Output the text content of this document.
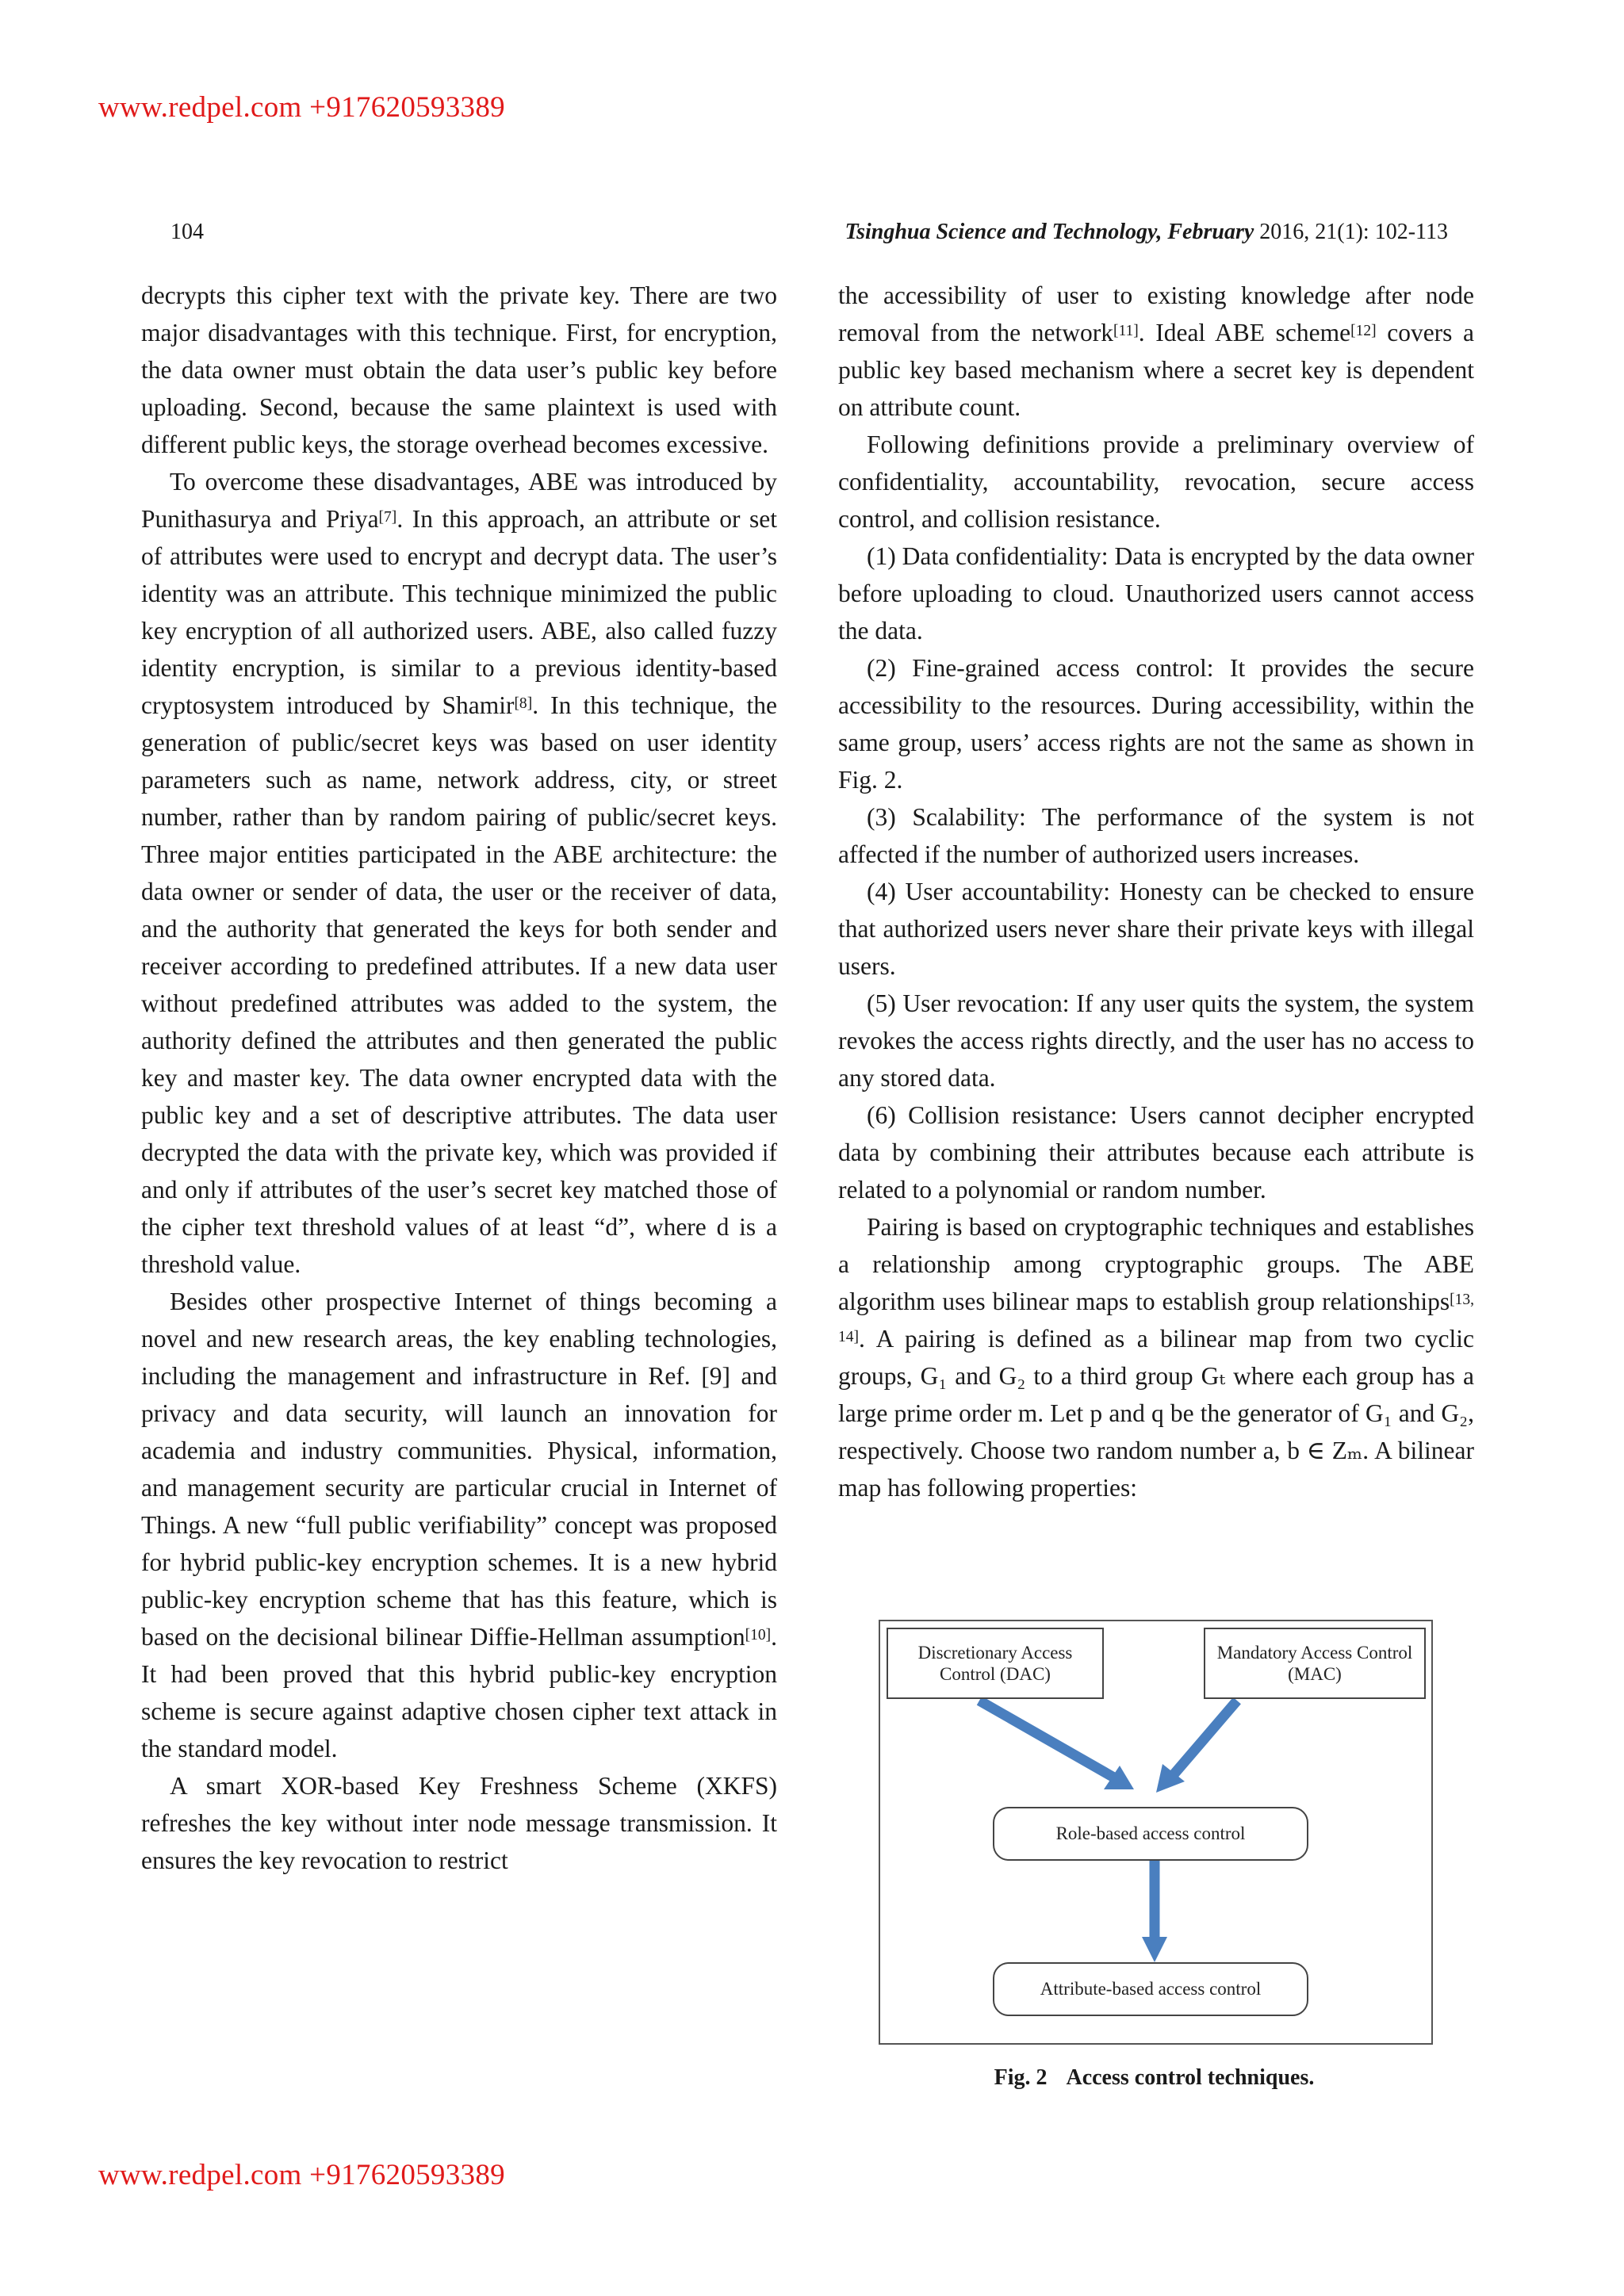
www.redpel.com +917620593389
104	Tsinghua Science and Technology, February 2016, 21(1): 102-113

decrypts this cipher text with the private key. There are two major disadvantages with this technique. First, for encryption, the data owner must obtain the data user’s public key before uploading. Second, because the same plaintext is used with different public keys, the storage overhead becomes excessive.

To overcome these disadvantages, ABE was introduced by Punithasurya and Priya[7]. In this approach, an attribute or set of attributes were used to encrypt and decrypt data. The user’s identity was an attribute. This technique minimized the public key encryption of all authorized users. ABE, also called fuzzy identity encryption, is similar to a previous identity-based cryptosystem introduced by Shamir[8]. In this technique, the generation of public/secret keys was based on user identity parameters such as name, network address, city, or street number, rather than by random pairing of public/secret keys. Three major entities participated in the ABE architecture: the data owner or sender of data, the user or the receiver of data, and the authority that generated the keys for both sender and receiver according to predefined attributes. If a new data user without predefined attributes was added to the system, the authority defined the attributes and then generated the public key and master key. The data owner encrypted data with the public key and a set of descriptive attributes. The data user decrypted the data with the private key, which was provided if and only if attributes of the user’s secret key matched those of the cipher text threshold values of at least “d”, where d is a threshold value.

Besides other prospective Internet of things becoming a novel and new research areas, the key enabling technologies, including the management and infrastructure in Ref. [9] and privacy and data security, will launch an innovation for academia and industry communities. Physical, information, and management security are particular crucial in Internet of Things. A new “full public verifiability” concept was proposed for hybrid public-key encryption schemes. It is a new hybrid public-key encryption scheme that has this feature, which is based on the decisional bilinear Diffie-Hellman assumption[10]. It had been proved that this hybrid public-key encryption scheme is secure against adaptive chosen cipher text attack in the standard model.

A smart XOR-based Key Freshness Scheme (XKFS) refreshes the key without inter node message transmission. It ensures the key revocation to restrict

the accessibility of user to existing knowledge after node removal from the network[11]. Ideal ABE scheme[12] covers a public key based mechanism where a secret key is dependent on attribute count.

Following definitions provide a preliminary overview of confidentiality, accountability, revocation, secure access control, and collision resistance.

(1) Data confidentiality: Data is encrypted by the data owner before uploading to cloud. Unauthorized users cannot access the data.

(2) Fine-grained access control: It provides the secure accessibility to the resources. During accessibility, within the same group, users’ access rights are not the same as shown in Fig. 2.

(3) Scalability: The performance of the system is not affected if the number of authorized users increases.

(4) User accountability: Honesty can be checked to ensure that authorized users never share their private keys with illegal users.

(5) User revocation: If any user quits the system, the system revokes the access rights directly, and the user has no access to any stored data.

(6) Collision resistance: Users cannot decipher encrypted data by combining their attributes because each attribute is related to a polynomial or random number.

Pairing is based on cryptographic techniques and establishes a relationship among cryptographic groups. The ABE algorithm uses bilinear maps to establish group relationships[13, 14]. A pairing is defined as a bilinear map from two cyclic groups, G₁ and G₂ to a third group Gₜ where each group has a large prime order m. Let p and q be the generator of G₁ and G₂, respectively. Choose two random number a, b ∈ Zₘ. A bilinear map has following properties:

Discretionary Access Control (DAC)
Mandatory Access Control (MAC)
Role-based access control
Attribute-based access control
Fig. 2 Access control techniques.
www.redpel.com +917620593389
